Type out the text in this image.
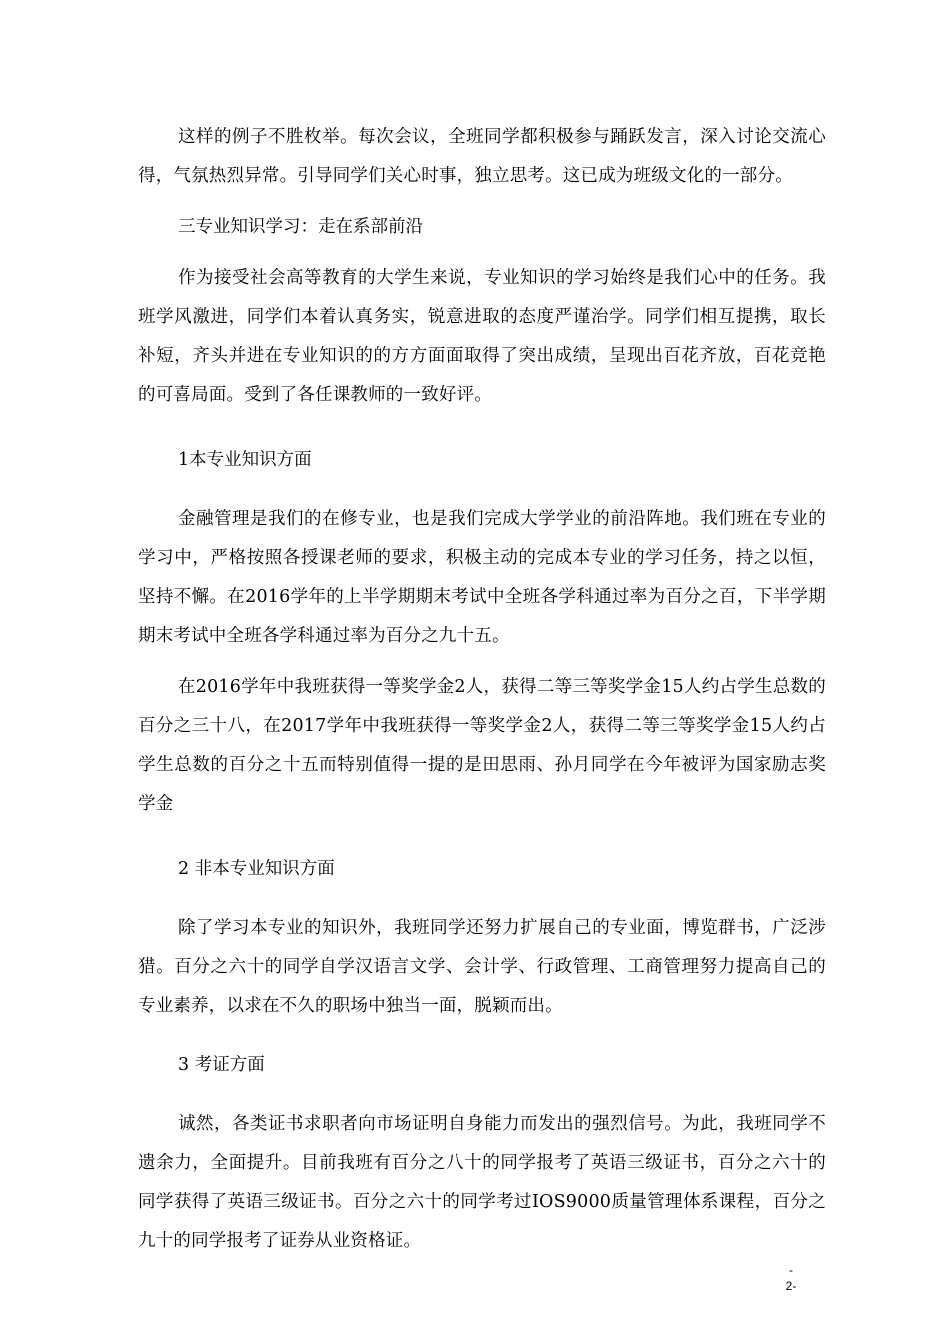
这样的例子不胜枚举。每次会议，全班同学都积极参与踊跃发言，深入讨论交流心得，气氛热烈异常。引导同学们关心时事，独立思考。这已成为班级文化的一部分。

三专业知识学习：走在系部前沿

作为接受社会高等教育的大学生来说，专业知识的学习始终是我们心中的任务。我班学风激进，同学们本着认真务实，锐意进取的态度严谨治学。同学们相互提携，取长补短，齐头并进在专业知识的的方方面面取得了突出成绩，呈现出百花齐放，百花竞艳的可喜局面。受到了各任课教师的一致好评。

1本专业知识方面

金融管理是我们的在修专业，也是我们完成大学学业的前沿阵地。我们班在专业的学习中，严格按照各授课老师的要求，积极主动的完成本专业的学习任务，持之以恒，坚持不懈。在2016学年的上半学期期末考试中全班各学科通过率为百分之百，下半学期期末考试中全班各学科通过率为百分之九十五。

在2016学年中我班获得一等奖学金2人，获得二等三等奖学金15人约占学生总数的百分之三十八，在2017学年中我班获得一等奖学金2人，获得二等三等奖学金15人约占学生总数的百分之十五而特别值得一提的是田思雨、孙月同学在今年被评为国家励志奖学金

2 非本专业知识方面

除了学习本专业的知识外，我班同学还努力扩展自己的专业面，博览群书，广泛涉猎。百分之六十的同学自学汉语言文学、会计学、行政管理、工商管理努力提高自己的专业素养，以求在不久的职场中独当一面，脱颖而出。

3 考证方面

诚然，各类证书求职者向市场证明自身能力而发出的强烈信号。为此，我班同学不遗余力，全面提升。目前我班有百分之八十的同学报考了英语三级证书，百分之六十的同学获得了英语三级证书。百分之六十的同学考过IOS9000质量管理体系课程，百分之九十的同学报考了证券从业资格证。

-
2-
